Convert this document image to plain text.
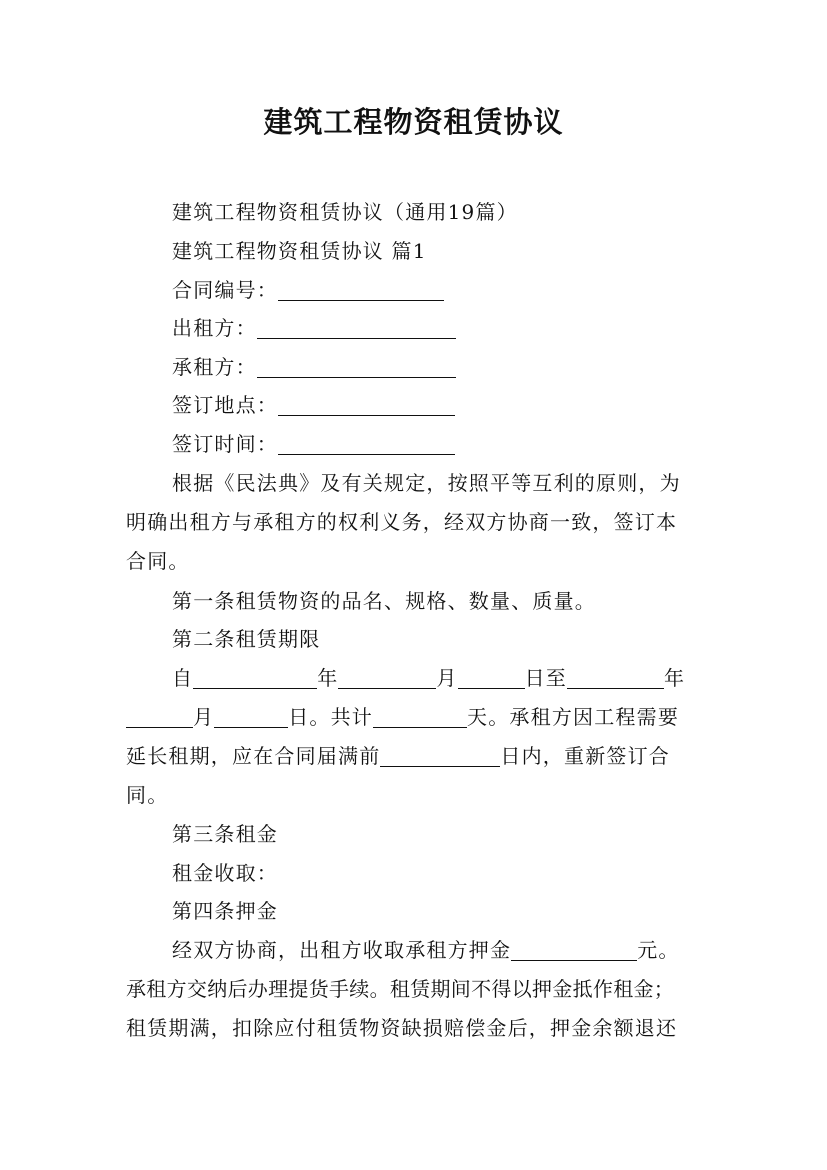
建筑工程物资租赁协议
建筑工程物资租赁协议（通用19篇）
建筑工程物资租赁协议 篇1
合同编号：
出租方：
承租方：
签订地点：
签订时间：
根据《民法典》及有关规定，按照平等互利的原则，为
明确出租方与承租方的权利义务，经双方协商一致，签订本
合同。
第一条租赁物资的品名、规格、数量、质量。
第二条租赁期限
自	年	月	日至	年
月	日。共计	天。承租方因工程需要
延长租期，应在合同届满前	日内，重新签订合
同。
第三条租金
租金收取：
第四条押金
经双方协商，出租方收取承租方押金	元。
承租方交纳后办理提货手续。租赁期间不得以押金抵作租金；
租赁期满，扣除应付租赁物资缺损赔偿金后，押金余额退还
